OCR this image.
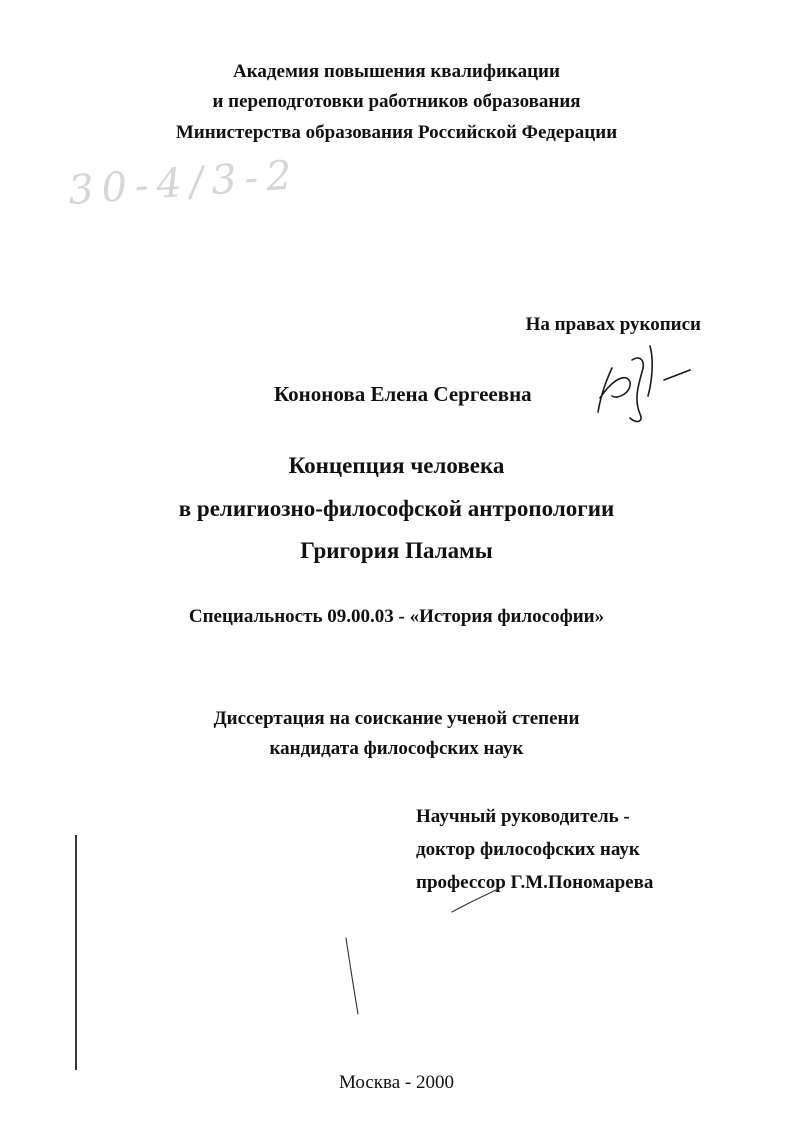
Академия повышения квалификации
и переподготовки работников образования
Министерства образования Российской Федерации
30-4/3-2
На правах рукописи
Кононова Елена Сергеевна
Концепция человека
в религиозно-философской антропологии
Григория Паламы
Специальность 09.00.03 - «История философии»
Диссертация на соискание ученой степени
кандидата философских наук
Научный руководитель -
доктор философских наук
профессор Г.М.Пономарева
Москва - 2000
